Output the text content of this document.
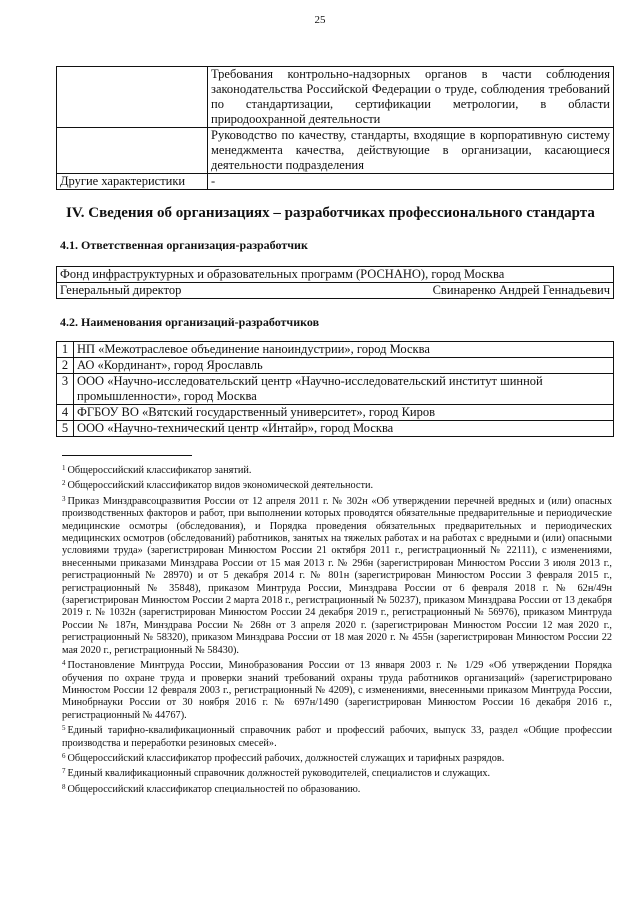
25
	Требования контрольно-надзорных органов в части соблюдения законодательства Российской Федерации о труде, соблюдения требований по стандартизации, сертификации метрологии, в области природоохранной деятельности
	Руководство по качеству, стандарты, входящие в корпоративную систему менеджмента качества, действующие в организации, касающиеся деятельности подразделения
Другие характеристики	-
IV. Сведения об организациях – разработчиках профессионального стандарта
4.1. Ответственная организация-разработчик
Фонд инфраструктурных и образовательных программ (РОСНАНО), город Москва
Генеральный директор	Свинаренко Андрей Геннадьевич
4.2. Наименования организаций-разработчиков
1	НП «Межотраслевое объединение наноиндустрии», город Москва
2	АО «Кординант», город Ярославль
3	ООО «Научно-исследовательский центр «Научно-исследовательский институт шинной промышленности», город Москва
4	ФГБОУ ВО «Вятский государственный университет», город Киров
5	ООО «Научно-технический центр «Интайр», город Москва
$^1$ Общероссийский классификатор занятий.
$^2$ Общероссийский классификатор видов экономической деятельности.
$^3$ Приказ Минздравсоцразвития России от 12 апреля 2011 г. № 302н «Об утверждении перечней вредных и (или) опасных производственных факторов и работ, при выполнении которых проводятся обязательные предварительные и периодические медицинские осмотры (обследования), и Порядка проведения обязательных предварительных и периодических медицинских осмотров (обследований) работников, занятых на тяжелых работах и на работах с вредными и (или) опасными условиями труда» (зарегистрирован Минюстом России 21 октября 2011 г., регистрационный № 22111), с изменениями, внесенными приказами Минздрава России от 15 мая 2013 г. № 296н (зарегистрирован Минюстом России 3 июля 2013 г., регистрационный № 28970) и от 5 декабря 2014 г. № 801н (зарегистрирован Минюстом России 3 февраля 2015 г., регистрационный № 35848), приказом Минтруда России, Минздрава России от 6 февраля 2018 г. № 62н/49н (зарегистрирован Минюстом России 2 марта 2018 г., регистрационный № 50237), приказом Минздрава России от 13 декабря 2019 г. № 1032н (зарегистрирован Минюстом России 24 декабря 2019 г., регистрационный № 56976), приказом Минтруда России № 187н, Минздрава России № 268н от 3 апреля 2020 г. (зарегистрирован Минюстом России 12 мая 2020 г., регистрационный № 58320), приказом Минздрава России от 18 мая 2020 г. № 455н (зарегистрирован Минюстом России 22 мая 2020 г., регистрационный № 58430).
$^4$ Постановление Минтруда России, Минобразования России от 13 января 2003 г. № 1/29 «Об утверждении Порядка обучения по охране труда и проверки знаний требований охраны труда работников организаций» (зарегистрировано Минюстом России 12 февраля 2003 г., регистрационный № 4209), с изменениями, внесенными приказом Минтруда России, Минобрнауки России от 30 ноября 2016 г. № 697н/1490 (зарегистрирован Минюстом России 16 декабря 2016 г., регистрационный № 44767).
$^5$ Единый тарифно-квалификационный справочник работ и профессий рабочих, выпуск 33, раздел «Общие профессии производства и переработки резиновых смесей».
$^6$ Общероссийский классификатор профессий рабочих, должностей служащих и тарифных разрядов.
$^7$ Единый квалификационный справочник должностей руководителей, специалистов и служащих.
$^8$ Общероссийский классификатор специальностей по образованию.
